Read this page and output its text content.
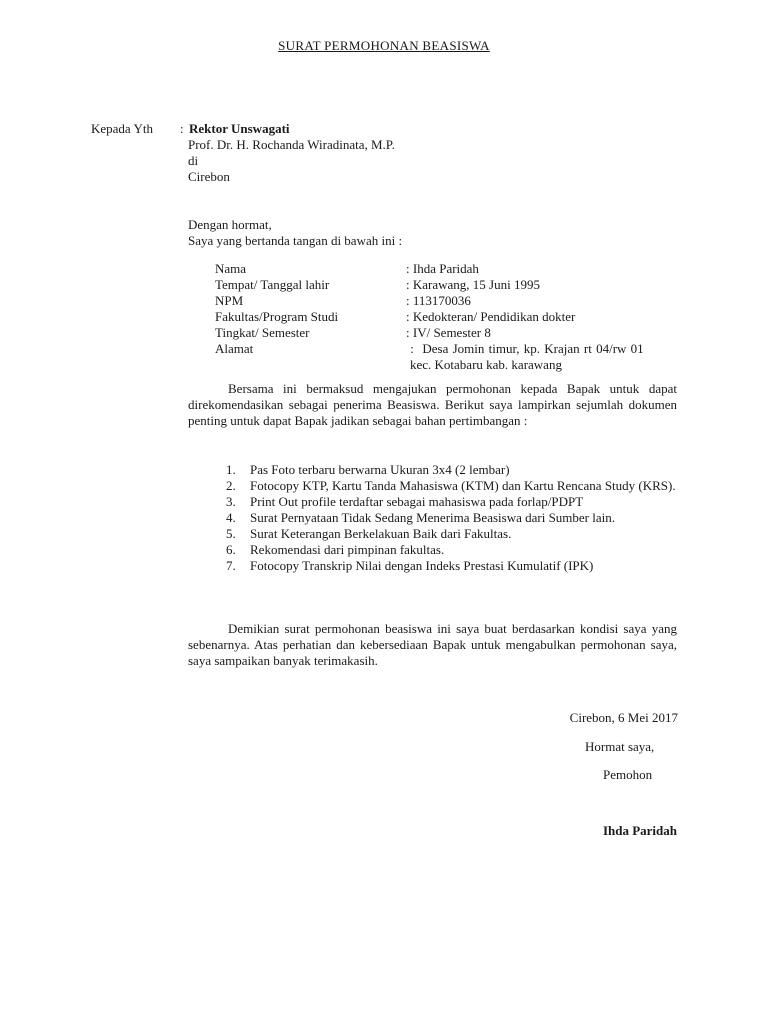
SURAT PERMOHONAN BEASISWA
Kepada Yth : Rektor Unswagati
Prof. Dr. H. Rochanda Wiradinata, M.P.
di
Cirebon
Dengan hormat,
Saya yang bertanda tangan di bawah ini :
Nama	: Ihda Paridah
Tempat/ Tanggal lahir	: Karawang, 15 Juni 1995
NPM	: 113170036
Fakultas/Program Studi	: Kedokteran/ Pendidikan dokter
Tingkat/ Semester	: IV/ Semester 8
Alamat	:  Desa Jomin timur, kp. Krajan rt 04/rw 01
kec. Kotabaru kab. karawang
Bersama ini bermaksud mengajukan permohonan kepada Bapak untuk dapat direkomendasikan sebagai penerima Beasiswa. Berikut saya lampirkan sejumlah dokumen penting untuk dapat Bapak jadikan sebagai bahan pertimbangan :
1. Pas Foto terbaru berwarna Ukuran 3x4 (2 lembar)
2. Fotocopy KTP, Kartu Tanda Mahasiswa (KTM) dan Kartu Rencana Study (KRS).
3. Print Out profile terdaftar sebagai mahasiswa pada forlap/PDPT
4. Surat Pernyataan Tidak Sedang Menerima Beasiswa dari Sumber lain.
5. Surat Keterangan Berkelakuan Baik dari Fakultas.
6. Rekomendasi dari pimpinan fakultas.
7. Fotocopy Transkrip Nilai dengan Indeks Prestasi Kumulatif (IPK)
Demikian surat permohonan beasiswa ini saya buat berdasarkan kondisi saya yang sebenarnya. Atas perhatian dan kebersediaan Bapak untuk mengabulkan permohonan saya, saya sampaikan banyak terimakasih.
Cirebon, 6 Mei 2017
Hormat saya,
Pemohon
Ihda Paridah
